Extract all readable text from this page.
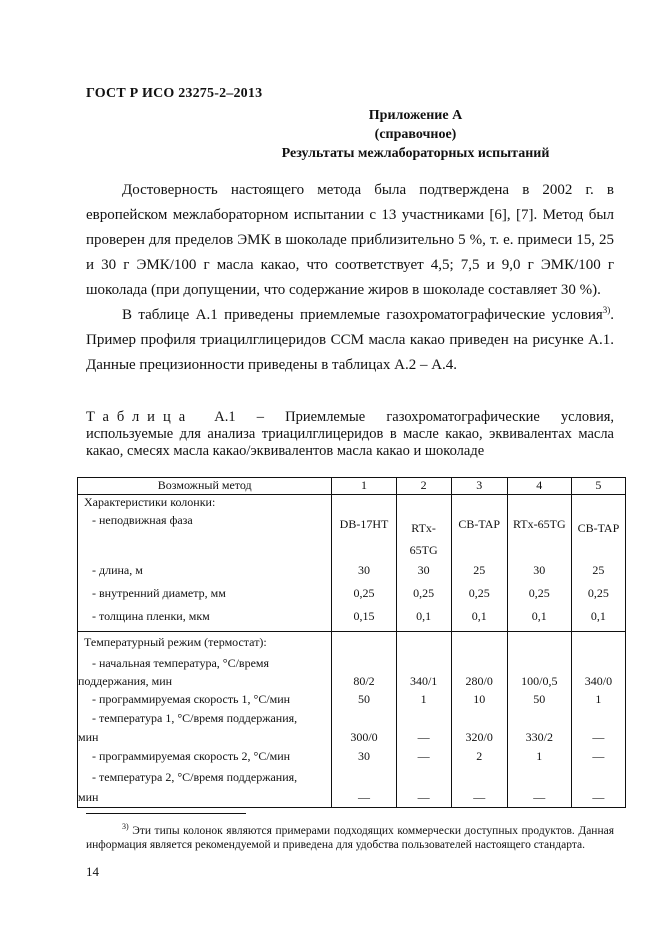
ГОСТ Р ИСО 23275-2–2013
Приложение А
(справочное)
Результаты межлабораторных испытаний

Достоверность настоящего метода была подтверждена в 2002 г. в европейском межлабораторном испытании с 13 участниками [6], [7]. Метод был проверен для пределов ЭМК в шоколаде приблизительно 5 %, т. е. примеси 15, 25 и 30 г ЭМК/100 г масла какао, что соответствует 4,5; 7,5 и 9,0 г ЭМК/100 г шоколада (при допущении, что содержание жиров в шоколаде составляет 30 %).

В таблице А.1 приведены приемлемые газохроматографические условия$^{3)}$. Пример профиля триацилглицеридов ССМ масла какао приведен на рисунке А.1. Данные прецизионности приведены в таблицах А.2 – А.4.

Таблица А.1 – Приемлемые газохроматографические условия, используемые для анализа триацилглицеридов в масле какао, эквивалентах масла какао, смесях масла какао/эквивалентов масла какао и шоколаде
Возможный метод	1	2	3	4	5
Характеристики колонки:					
- неподвижная фаза	DB-17HT	RTx-65TG	CB-TAP	RTx-65TG	CB-TAP
- длина, м	30	30	25	30	25
- внутренний диаметр, мм	0,25	0,25	0,25	0,25	0,25
- толщина пленки, мкм	0,15	0,1	0,1	0,1	0,1
Температурный режим (термостат):					

- начальная температура, °С/время
поддержания, мин	80/2	340/1	280/0	100/0,5	340/0
- программируемая скорость 1, °С/мин	50	1	10	50	1

- температура 1, °С/время поддержания,
мин	300/0	—	320/0	330/2	—
- программируемая скорость 2, °С/мин	30	—	2	1	—

- температура 2, °С/время поддержания,
мин	—	—	—	—	—
$^{3)}$ Эти типы колонок являются примерами подходящих коммерчески доступных продуктов. Данная информация является рекомендуемой и приведена для удобства пользователей настоящего стандарта.
14
